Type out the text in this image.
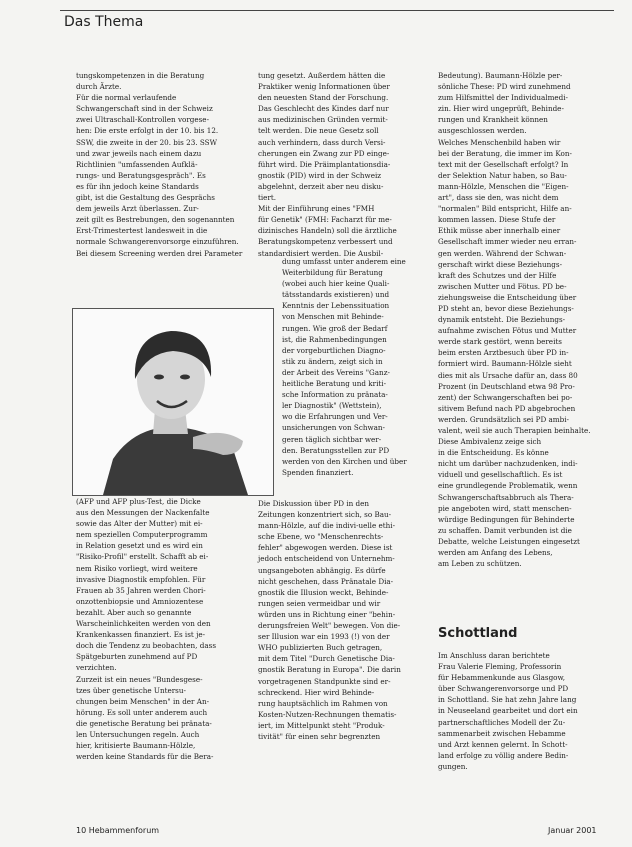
Das Thema

tungskompetenzen in die Beratung
durch Ärzte.
Für die normal verlaufende
Schwangerschaft sind in der Schweiz
zwei Ultraschall-Kontrollen vorgese-
hen: Die erste erfolgt in der 10. bis 12.
SSW, die zweite in der 20. bis 23. SSW
und zwar jeweils nach einem dazu
Richtlinien "umfassenden Aufklä-
rungs- und Beratungsgespräch". Es
es für ihn jedoch keine Standards
gibt, ist die Gestaltung des Gesprächs
dem jeweils Arzt überlassen. Zur-
zeit gilt es Bestrebungen, den sogenannten
Erst-Trimestertest landesweit in die
normale Schwangerenvorsorge einzuführen.
Bei diesem Screening werden drei Parameter

(AFP und AFP plus-Test, die Dicke
aus den Messungen der Nackenfalte
sowie das Alter der Mutter) mit ei-
nem speziellen Computerprogramm
in Relation gesetzt und es wird ein
"Risiko-Profil" erstellt. Schafft ab ei-
nem Risiko vorliegt, wird weitere
invasive Diagnostik empfohlen. Für
Frauen ab 35 Jahren werden Chori-
onzottenbiopsie und Amniozentese
bezahlt. Aber auch so genannte
Warscheinlichkeiten werden von den
Krankenkassen finanziert. Es ist je-
doch die Tendenz zu beobachten, dass
Spätgeburten zunehmend auf PD
verzichten.
Zurzeit ist ein neues "Bundesgese-
tzes über genetische Untersu-
chungen beim Menschen" in der An-
hörung. Es soll unter anderem auch
die genetische Beratung bei pränata-
len Untersuchungen regeln. Auch
hier, kritisierte Baumann-Hölzle,
werden keine Standards für die Bera-

tung gesetzt. Außerdem hätten die
Praktiker wenig Informationen über
den neuesten Stand der Forschung.
Das Geschlecht des Kindes darf nur
aus medizinischen Gründen vermit-
telt werden. Die neue Gesetz soll
auch verhindern, dass durch Versi-
cherungen ein Zwang zur PD einge-
führt wird. Die Präimplantationsdia-
gnostik (PID) wird in der Schweiz
abgelehnt, derzeit aber neu disku-
tiert.
Mit der Einführung eines "FMH
für Genetik" (FMH: Facharzt für me-
dizinisches Handeln) soll die ärztliche
Beratungskompetenz verbessert und
standardisiert werden. Die Ausbil-

dung umfasst unter anderem eine
Weiterbildung für Beratung
(wobei auch hier keine Quali-
tätsstandards existieren) und
Kenntnis der Lebenssituation
von Menschen mit Behinde-
rungen. Wie groß der Bedarf
ist, die Rahmenbedingungen
der vorgeburtlichen Diagno-
stik zu ändern, zeigt sich in
der Arbeit des Vereins "Ganz-
heitliche Beratung und kriti-
sche Information zu pränata-
ler Diagnostik" (Wettstein),
wo die Erfahrungen und Ver-
unsicherungen von Schwan-
geren täglich sichtbar wer-
den. Beratungsstellen zur PD
werden von den Kirchen und über
Spenden finanziert.

Die Diskussion über PD in den
Zeitungen konzentriert sich, so Bau-
mann-Hölzle, auf die indivi-uelle ethi-
sche Ebene, wo "Menschenrechts-
fehler" abgewogen werden. Diese ist
jedoch entscheidend von Unternehm-
ungsangeboten abhängig. Es dürfe
nicht geschehen, dass Pränatale Dia-
gnostik die Illusion weckt, Behinde-
rungen seien vermeidbar und wir
würden uns in Richtung einer "behin-
derungsfreien Welt" bewegen. Von die-
ser Illusion war ein 1993 (!) von der
WHO publizierten Buch getragen,
mit dem Titel "Durch Genetische Dia-
gnostik Beratung in Europa". Die darin
vorgetragenen Standpunkte sind er-
schreckend. Hier wird Behinde-
rung hauptsächlich im Rahmen von
Kosten-Nutzen-Rechnungen thematis-
iert, im Mittelpunkt steht "Produk-
tivität" für einen sehr begrenzten

Bedeutung). Baumann-Hölzle per-
sönliche These: PD wird zunehmend
zum Hilfsmittel der Individualmedi-
zin. Hier wird ungeprüft, Behinde-
rungen und Krankheit können
ausgeschlossen werden.
Welches Menschenbild haben wir
bei der Beratung, die immer im Kon-
text mit der Gesellschaft erfolgt? In
der Selektion Natur haben, so Bau-
mann-Hölzle, Menschen die "Eigen-
art", dass sie den, was nicht dem
"normalen" Bild entspricht, Hilfe an-
kommen lassen. Diese Stufe der
Ethik müsse aber innerhalb einer
Gesellschaft immer wieder neu erran-
gen werden. Während der Schwan-
gerschaft wirkt diese Beziehungs-
kraft des Schutzes und der Hilfe
zwischen Mutter und Fötus. PD be-
ziehungsweise die Entscheidung über
PD steht an, bevor diese Beziehungs-
dynamik entsteht. Die Beziehungs-
aufnahme zwischen Fötus und Mutter
werde stark gestört, wenn bereits
beim ersten Arztbesuch über PD in-
formiert wird. Baumann-Hölzle sieht
dies mit als Ursache dafür an, dass 80
Prozent (in Deutschland etwa 98 Pro-
zent) der Schwangerschaften bei po-
sitivem Befund nach PD abgebrochen
werden. Grundsätzlich sei PD ambi-
valent, weil sie auch Therapien beinhalte.
Diese Ambivalenz zeige sich
in die Entscheidung. Es könne
nicht um darüber nachzudenken, indi-
viduell und gesellschaftlich. Es ist
eine grundlegende Problematik, wenn
Schwangerschaftsabbruch als Thera-
pie angeboten wird, statt menschen-
würdige Bedingungen für Behinderte
zu schaffen. Damit verbunden ist die
Debatte, welche Leistungen eingesetzt
werden am Anfang des Lebens,
am Leben zu schützen.

Schottland

Im Anschluss daran berichtete
Frau Valerie Fleming, Professorin
für Hebammenkunde aus Glasgow,
über Schwangerenvorsorge und PD
in Schottland. Sie hat zehn Jahre lang
in Neuseeland gearbeitet und dort ein
partnerschaftliches Modell der Zu-
sammenarbeit zwischen Hebamme
und Arzt kennen gelernt. In Schott-
land erfolge zu völlig andere Bedin-
gungen.

10 Hebammenforum	Januar 2001
